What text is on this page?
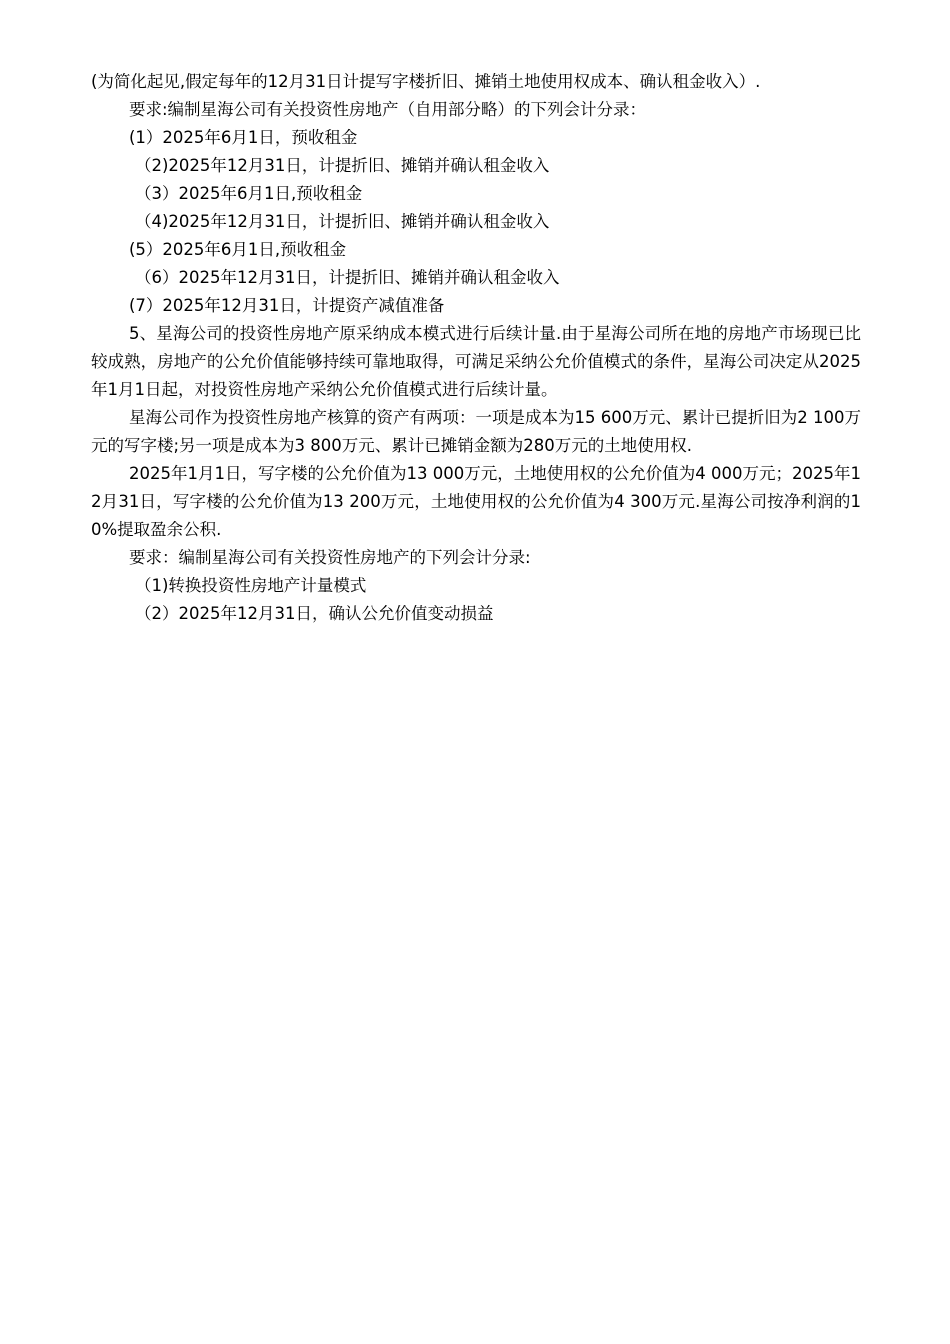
(为简化起见,假定每年的12月31日计提写字楼折旧、摊销土地使用权成本、确认租金收入）.

要求:编制星海公司有关投资性房地产（自用部分略）的下列会计分录：

(1）2025年6月1日，预收租金

（2)2025年12月31日，计提折旧、摊销并确认租金收入

（3）2025年6月1日,预收租金

（4)2025年12月31日，计提折旧、摊销并确认租金收入

(5）2025年6月1日,预收租金

（6）2025年12月31日，计提折旧、摊销并确认租金收入

(7）2025年12月31日，计提资产减值准备

5、星海公司的投资性房地产原采纳成本模式进行后续计量.由于星海公司所在地的房地产市场现已比较成熟，房地产的公允价值能够持续可靠地取得，可满足采纳公允价值模式的条件，星海公司决定从2025年1月1日起，对投资性房地产采纳公允价值模式进行后续计量。

星海公司作为投资性房地产核算的资产有两项：一项是成本为15 600万元、累计已提折旧为2 100万元的写字楼;另一项是成本为3 800万元、累计已摊销金额为280万元的土地使用权.

2025年1月1日，写字楼的公允价值为13 000万元，土地使用权的公允价值为4 000万元；2025年12月31日，写字楼的公允价值为13 200万元，土地使用权的公允价值为4 300万元.星海公司按净利润的10%提取盈余公积.

要求：编制星海公司有关投资性房地产的下列会计分录:

（1)转换投资性房地产计量模式

（2）2025年12月31日，确认公允价值变动损益
